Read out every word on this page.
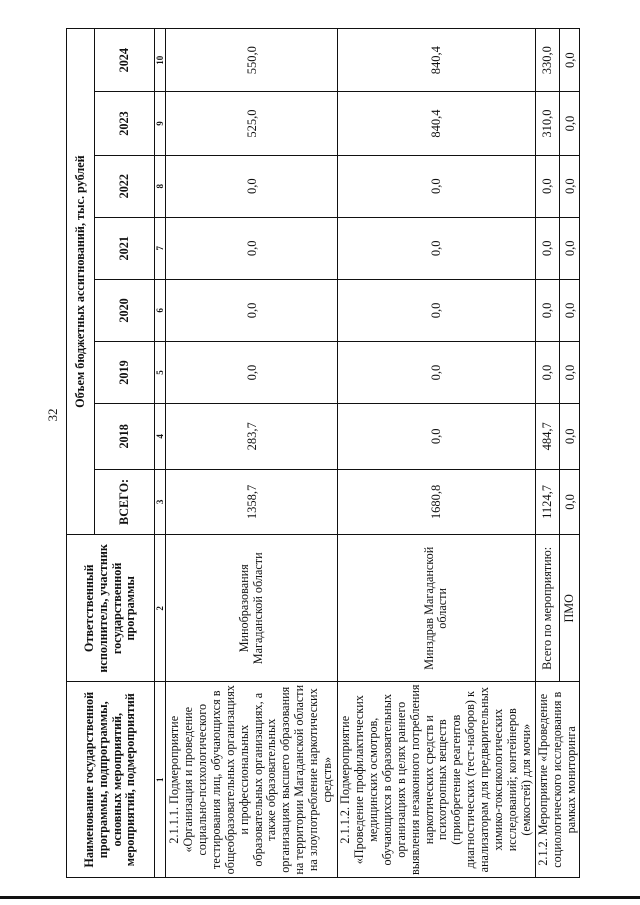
32
Наименование государственной программы, подпрограммы, основных мероприятий, мероприятий, подмероприятий	Ответственный исполнитель, участник государственной программы	Объем бюджетных ассигнований, тыс. рублей							
		ВСЕГО:	2018	2019	2020	2021	2022	2023	2024
1	2	3	4	5	6	7	8	9	10
2.1.1.1. Подмероприятие «Организация и проведение социально-психологического тестирования лиц, обучающихся в общеобразовательных организациях и профессиональных образовательных организациях, а также образовательных организациях высшего образования на территории Магаданской области на злоупотребление наркотических средств»	Минобразования Магаданской области	1358,7	283,7	0,0	0,0	0,0	0,0	525,0	550,0
2.1.1.2. Подмероприятие «Проведение профилактических медицинских осмотров, обучающихся в образовательных организациях в целях раннего выявления незаконного потребления наркотических средств и психотропных веществ (приобретение реагентов диагностических (тест-наборов) к анализаторам для предварительных химико-токсикологических исследований; контейнеров (емкостей) для мочи»	Минздрав Магаданской области	1680,8	0,0	0,0	0,0	0,0	0,0	840,4	840,4
2.1.2. Мероприятие «Проведение социологического исследования в рамках мониторинга	Всего по мероприятию:	1124,7	484,7	0,0	0,0	0,0	0,0	310,0	330,0
	ПМО	0,0	0,0	0,0	0,0	0,0	0,0	0,0	0,0
